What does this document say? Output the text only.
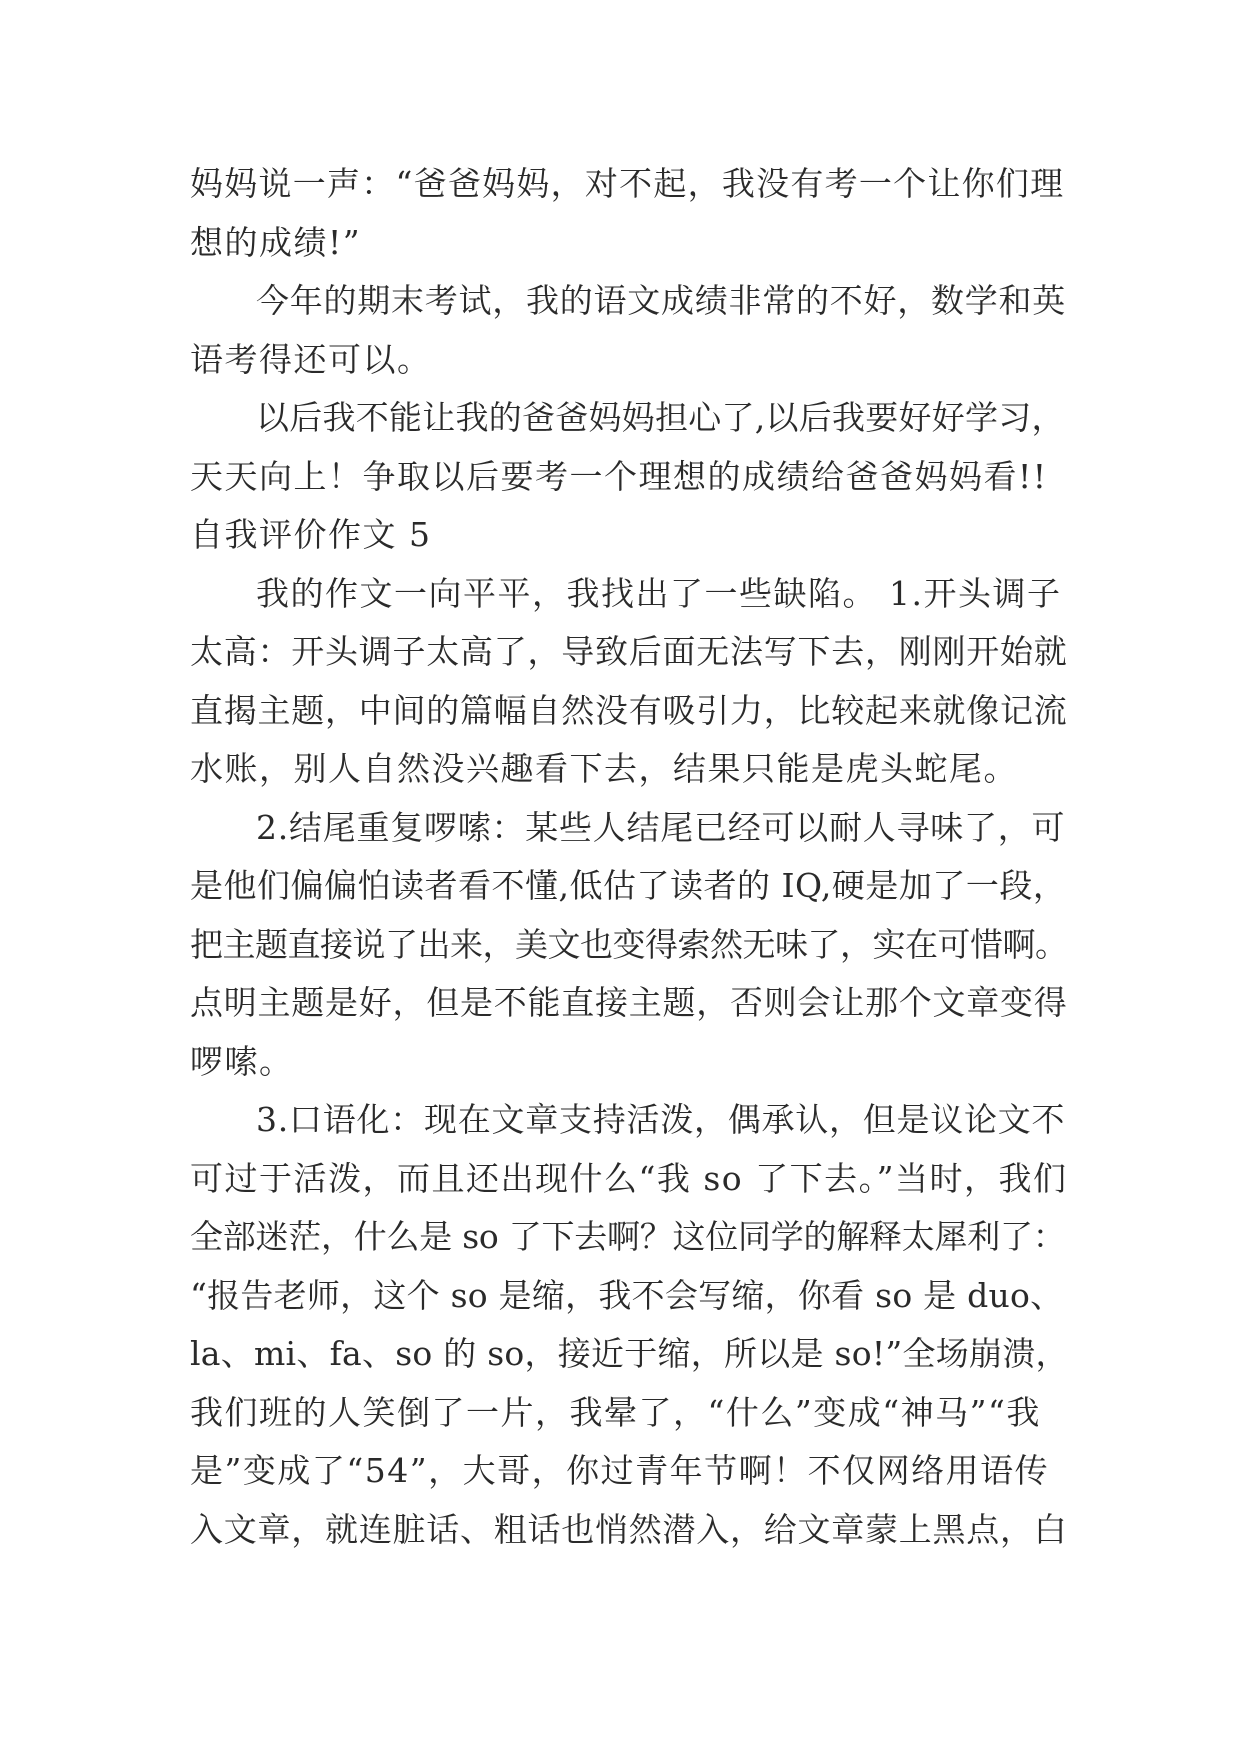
妈妈说一声：“爸爸妈妈，对不起，我没有考一个让你们理
想的成绩!”
今年的期末考试，我的语文成绩非常的不好，数学和英
语考得还可以。
以后我不能让我的爸爸妈妈担心了,以后我要好好学习，
天天向上！争取以后要考一个理想的成绩给爸爸妈妈看!!
自我评价作文 5
我的作文一向平平，我找出了一些缺陷。 1.开头调子
太高：开头调子太高了，导致后面无法写下去，刚刚开始就
直揭主题，中间的篇幅自然没有吸引力，比较起来就像记流
水账，别人自然没兴趣看下去，结果只能是虎头蛇尾。
2.结尾重复啰嗦：某些人结尾已经可以耐人寻味了，可
是他们偏偏怕读者看不懂,低估了读者的 IQ,硬是加了一段，
把主题直接说了出来，美文也变得索然无味了，实在可惜啊。
点明主题是好，但是不能直接主题，否则会让那个文章变得
啰嗦。
3.口语化：现在文章支持活泼，偶承认，但是议论文不
可过于活泼，而且还出现什么“我 so 了下去。”当时，我们
全部迷茫，什么是 so 了下去啊？这位同学的解释太犀利了：
“报告老师，这个 so 是缩，我不会写缩，你看 so 是 duo、
la、mi、fa、so 的 so，接近于缩，所以是 so!”全场崩溃，
我们班的人笑倒了一片，我晕了，“什么”变成“神马”“我
是”变成了“54”，大哥，你过青年节啊！不仅网络用语传
入文章，就连脏话、粗话也悄然潜入，给文章蒙上黑点，白
